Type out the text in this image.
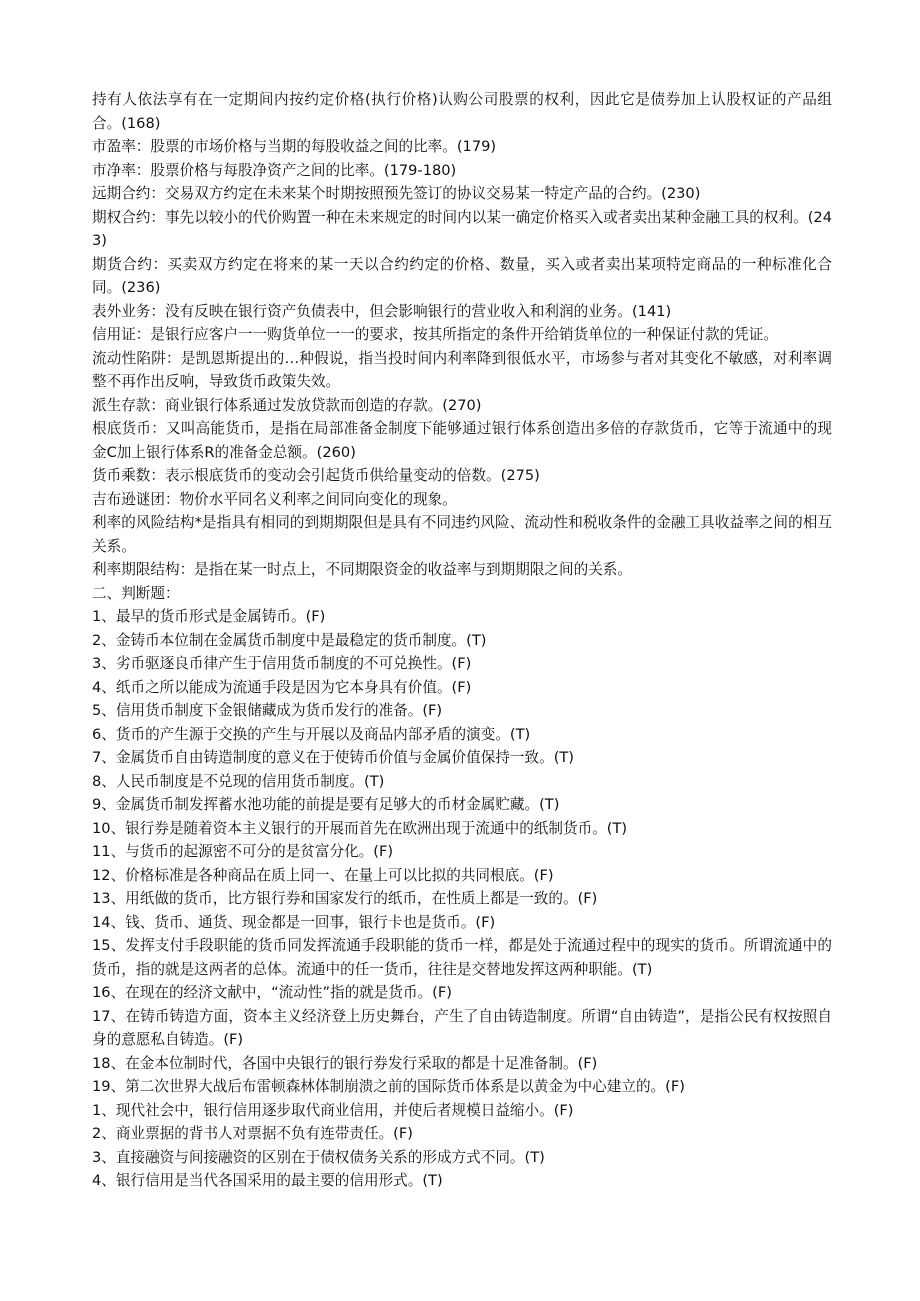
持有人依法享有在一定期间内按约定价格(执行价格)认购公司股票的权利，因此它是债券加上认股权证的产品组合。(168)

市盈率：股票的市场价格与当期的每股收益之间的比率。(179)

市净率：股票价格与每股净资产之间的比率。(179-180)

远期合约：交易双方约定在未来某个时期按照预先签订的协议交易某一特定产品的合约。(230)

期权合约：事先以较小的代价购置一种在未来规定的时间内以某一确定价格买入或者卖出某种金融工具的权利。(243)

期货合约：买卖双方约定在将来的某一天以合约约定的价格、数量，买入或者卖出某项特定商品的一种标准化合同。(236)

表外业务：没有反映在银行资产负债表中，但会影响银行的营业收入和利润的业务。(141)

信用证：是银行应客户一一购货单位一一的要求，按其所指定的条件开给销货单位的一种保证付款的凭证。

流动性陷阱：是凯恩斯提出的…种假说，指当投时间内利率降到很低水平，市场参与者对其变化不敏感，对利率调整不再作出反响，导致货币政策失效。

派生存款：商业银行体系通过发放贷款而创造的存款。(270)

根底货币：又叫高能货币，是指在局部准备金制度下能够通过银行体系创造出多倍的存款货币，它等于流通中的现金C加上银行体系R的准备金总额。(260)

货币乘数：表示根底货币的变动会引起货币供给量变动的倍数。(275)

吉布逊谜团：物价水平同名义利率之间同向变化的现象。

利率的风险结构*是指具有相同的到期期限但是具有不同违约风险、流动性和税收条件的金融工具收益率之间的相互关系。

利率期限结构：是指在某一时点上，不同期限资金的收益率与到期期限之间的关系。

二、判断题：

1、最早的货币形式是金属铸币。(F)

2、金铸币本位制在金属货币制度中是最稳定的货币制度。(T)

3、劣币驱逐良币律产生于信用货币制度的不可兑换性。(F)

4、纸币之所以能成为流通手段是因为它本身具有价值。(F)

5、信用货币制度下金银储藏成为货币发行的准备。(F)

6、货币的产生源于交换的产生与开展以及商品内部矛盾的演变。(T)

7、金属货币自由铸造制度的意义在于使铸币价值与金属价值保持一致。(T)

8、人民币制度是不兑现的信用货币制度。(T)

9、金属货币制发挥蓄水池功能的前提是要有足够大的币材金属贮藏。(T)

10、银行券是随着资本主义银行的开展而首先在欧洲出现于流通中的纸制货币。(T)

11、与货币的起源密不可分的是贫富分化。(F)

12、价格标准是各种商品在质上同一、在量上可以比拟的共同根底。(F)

13、用纸做的货币，比方银行券和国家发行的纸币，在性质上都是一致的。(F)

14、钱、货币、通货、现金都是一回事，银行卡也是货币。(F)

15、发挥支付手段职能的货币同发挥流通手段职能的货币一样，都是处于流通过程中的现实的货币。所谓流通中的货币，指的就是这两者的总体。流通中的任一货币，往往是交替地发挥这两种职能。(T)

16、在现在的经济文献中，“流动性”指的就是货币。(F)

17、在铸币铸造方面，资本主义经济登上历史舞台，产生了自由铸造制度。所谓“自由铸造”，是指公民有权按照自身的意愿私自铸造。(F)

18、在金本位制时代，各国中央银行的银行券发行采取的都是十足准备制。(F)

19、第二次世界大战后布雷顿森林体制崩溃之前的国际货币体系是以黄金为中心建立的。(F)

1、现代社会中，银行信用逐步取代商业信用，并使后者规模日益缩小。(F)

2、商业票据的背书人对票据不负有连带责任。(F)

3、直接融资与间接融资的区别在于债权债务关系的形成方式不同。(T)

4、银行信用是当代各国采用的最主要的信用形式。(T)
